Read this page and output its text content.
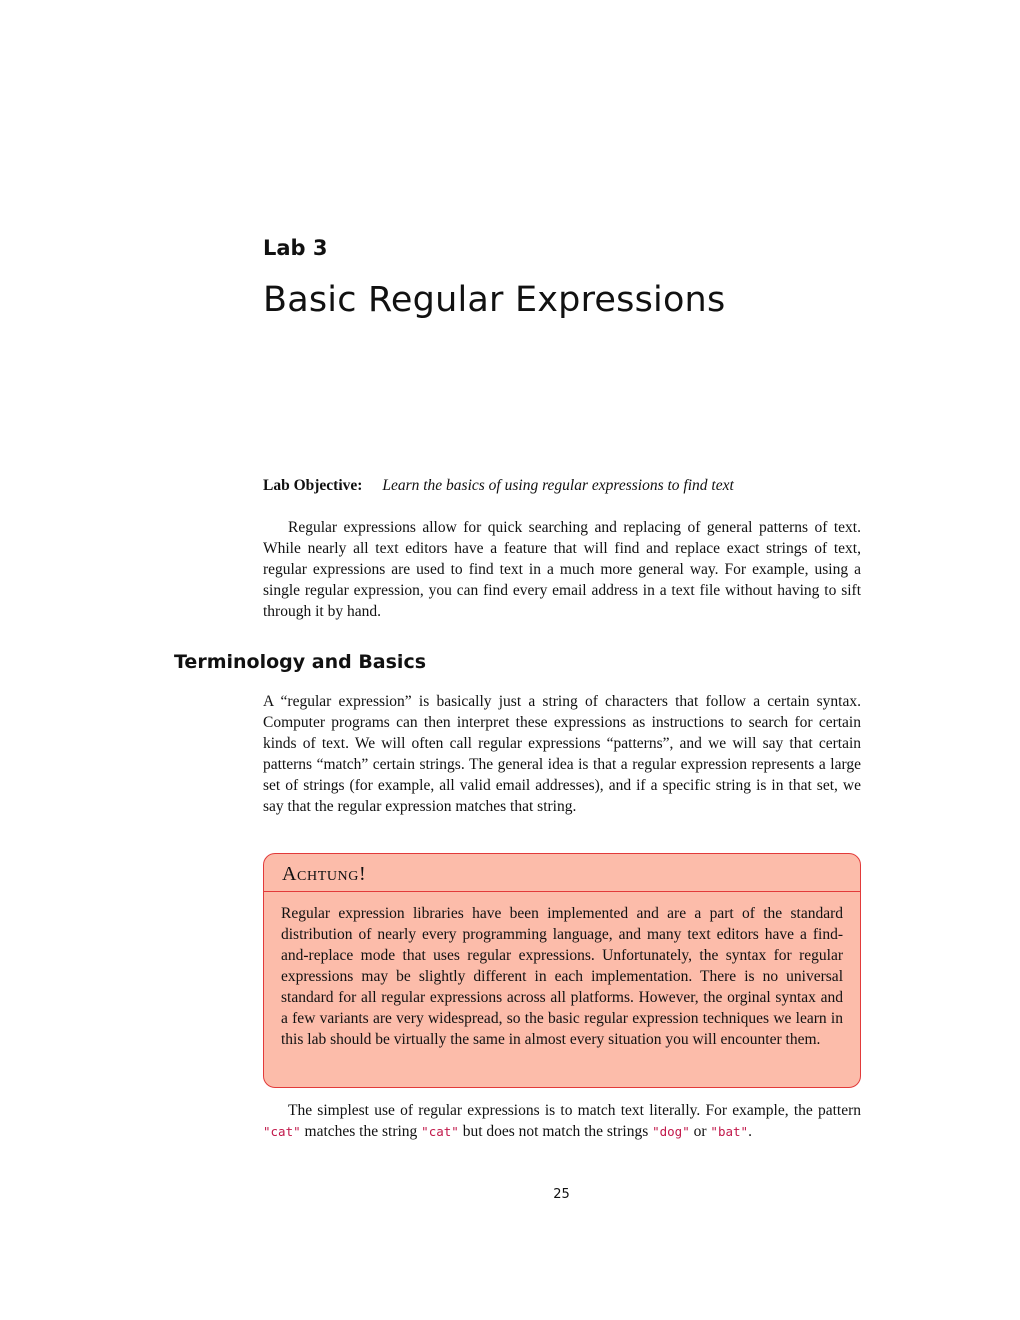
Lab 3
Basic Regular Expressions
Lab Objective: Learn the basics of using regular expressions to find text

Regular expressions allow for quick searching and replacing of general patterns of text. While nearly all text editors have a feature that will find and replace exact strings of text, regular expressions are used to find text in a much more general way. For example, using a single regular expression, you can find every email address in a text file without having to sift through it by hand.

Terminology and Basics

A “regular expression” is basically just a string of characters that follow a certain syntax. Computer programs can then interpret these expressions as instructions to search for certain kinds of text. We will often call regular expressions “patterns”, and we will say that certain patterns “match” certain strings. The general idea is that a regular expression represents a large set of strings (for example, all valid email addresses), and if a specific string is in that set, we say that the regular expression matches that string.

Achtung!
Regular expression libraries have been implemented and are a part of the standard distribution of nearly every programming language, and many text editors have a find-and-replace mode that uses regular expressions. Unfortunately, the syntax for regular expressions may be slightly different in each implementation. There is no universal standard for all regular expressions across all platforms. However, the orginal syntax and a few variants are very widespread, so the basic regular expression techniques we learn in this lab should be virtually the same in almost every situation you will encounter them.

The simplest use of regular expressions is to match text literally. For example, the pattern "cat" matches the string "cat" but does not match the strings "dog" or "bat".

25
